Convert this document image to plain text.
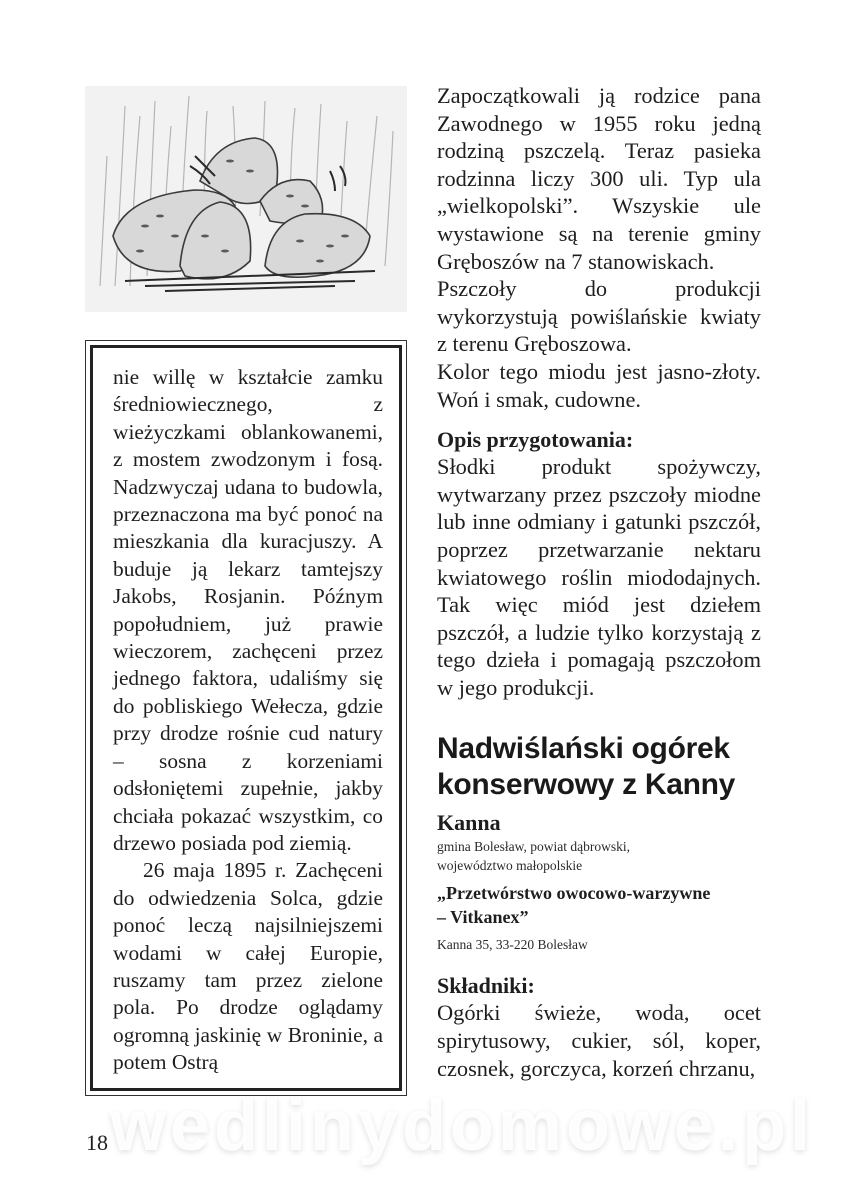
nie willę w kształcie zamku średniowiecznego, z wieżyczkami oblankowanemi, z mostem zwodzonym i fosą. Nadzwyczaj udana to budowla, przeznaczona ma być ponoć na mieszkania dla kuracjuszy. A buduje ją lekarz tamtejszy Jakobs, Rosjanin. Późnym popołudniem, już prawie wieczorem, zachęceni przez jednego faktora, udaliśmy się do pobliskiego Wełecza, gdzie przy drodze rośnie cud natury – sosna z korzeniami odsłoniętemi zupełnie, jakby chciała pokazać wszystkim, co drzewo posiada pod ziemią.

26 maja 1895 r. Zachęceni do odwiedzenia Solca, gdzie ponoć leczą najsilniejszemi wodami w całej Europie, ruszamy tam przez zielone pola. Po drodze oglądamy ogromną jaskinię w Broninie, a potem Ostrą

Zapoczątkowali ją rodzice pana Zawodnego w 1955 roku jedną rodziną pszczelą. Teraz pasieka rodzinna liczy 300 uli. Typ ula „wielkopolski”. Wszyskie ule wystawione są na terenie gminy Gręboszów na 7 stanowiskach.

Pszczoły do produkcji wykorzystują powiślańskie kwiaty z terenu Gręboszowa.

Kolor tego miodu jest jasno-złoty. Woń i smak, cudowne.

Opis przygotowania:

Słodki produkt spożywczy, wytwarzany przez pszczoły miodne lub inne odmiany i gatunki pszczół, poprzez przetwarzanie nektaru kwiatowego roślin miododajnych. Tak więc miód jest dziełem pszczół, a ludzie tylko korzystają z tego dzieła i pomagają pszczołom w jego produkcji.

Nadwiślański ogórek
konserwowy z Kanny
Kanna
gmina Bolesław, powiat dąbrowski,
województwo małopolskie
„Przetwórstwo owocowo-warzywne
– Vitkanex”
Kanna 35, 33-220 Bolesław
Składniki:

Ogórki świeże, woda, ocet spirytusowy, cukier, sól, koper, czosnek, gorczyca, korzeń chrzanu,

wedlinydomowe.pl
18
